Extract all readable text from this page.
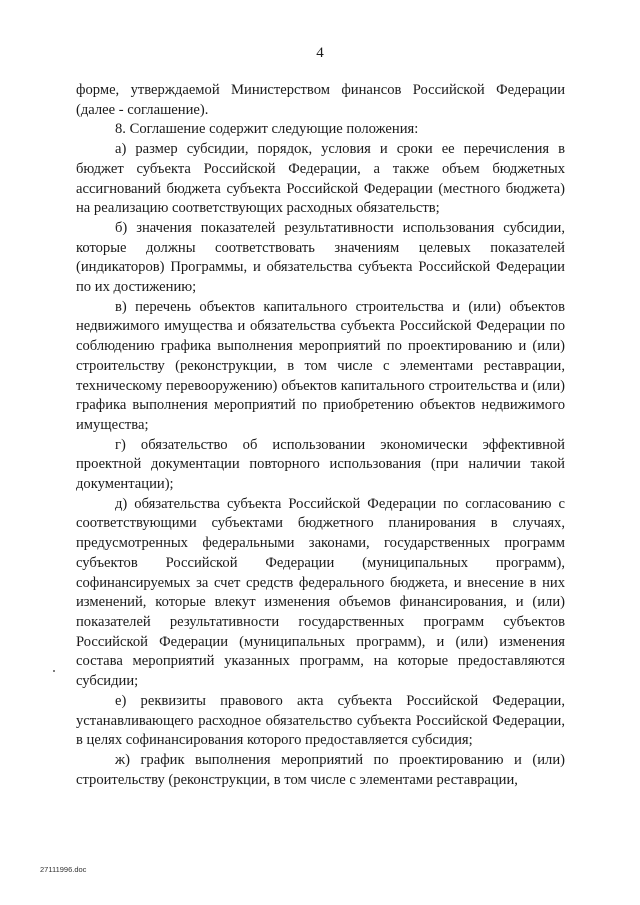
4

форме, утверждаемой Министерством финансов Российской Федерации (далее - соглашение).

8. Соглашение содержит следующие положения:

а) размер субсидии, порядок, условия и сроки ее перечисления в бюджет субъекта Российской Федерации, а также объем бюджетных ассигнований бюджета субъекта Российской Федерации (местного бюджета) на реализацию соответствующих расходных обязательств;

б) значения показателей результативности использования субсидии, которые должны соответствовать значениям целевых показателей (индикаторов) Программы, и обязательства субъекта Российской Федерации по их достижению;

в) перечень объектов капитального строительства и (или) объектов недвижимого имущества и обязательства субъекта Российской Федерации по соблюдению графика выполнения мероприятий по проектированию и (или) строительству (реконструкции, в том числе с элементами реставрации, техническому перевооружению) объектов капитального строительства и (или) графика выполнения мероприятий по приобретению объектов недвижимого имущества;

г) обязательство об использовании экономически эффективной проектной документации повторного использования (при наличии такой документации);

д) обязательства субъекта Российской Федерации по согласованию с соответствующими субъектами бюджетного планирования в случаях, предусмотренных федеральными законами, государственных программ субъектов Российской Федерации (муниципальных программ), софинансируемых за счет средств федерального бюджета, и внесение в них изменений, которые влекут изменения объемов финансирования, и (или) показателей результативности государственных программ субъектов Российской Федерации (муниципальных программ), и (или) изменения состава мероприятий указанных программ, на которые предоставляются субсидии;

е) реквизиты правового акта субъекта Российской Федерации, устанавливающего расходное обязательство субъекта Российской Федерации, в целях софинансирования которого предоставляется субсидия;

ж) график выполнения мероприятий по проектированию и (или) строительству (реконструкции, в том числе с элементами реставрации,

27111996.doc
